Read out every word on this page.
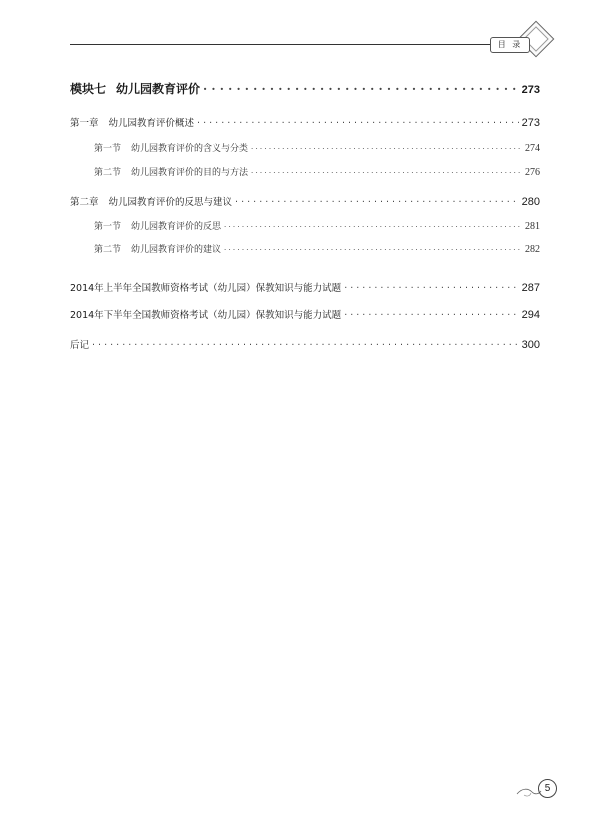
目 录
模块七 幼儿园教育评价 · · ·	273
第一章 幼儿园教育评价概述 · · ·	273
第一节 幼儿园教育评价的含义与分类 · · ·	274
第二节 幼儿园教育评价的目的与方法 · · ·	276
第二章 幼儿园教育评价的反思与建议 · · ·	280
第一节 幼儿园教育评价的反思 · · ·	281
第二节 幼儿园教育评价的建议 · · ·	282
2014年上半年全国教师资格考试（幼儿园）保教知识与能力试题 · · ·	287
2014年下半年全国教师资格考试（幼儿园）保教知识与能力试题 · · ·	294
后记 · · ·	300
5
